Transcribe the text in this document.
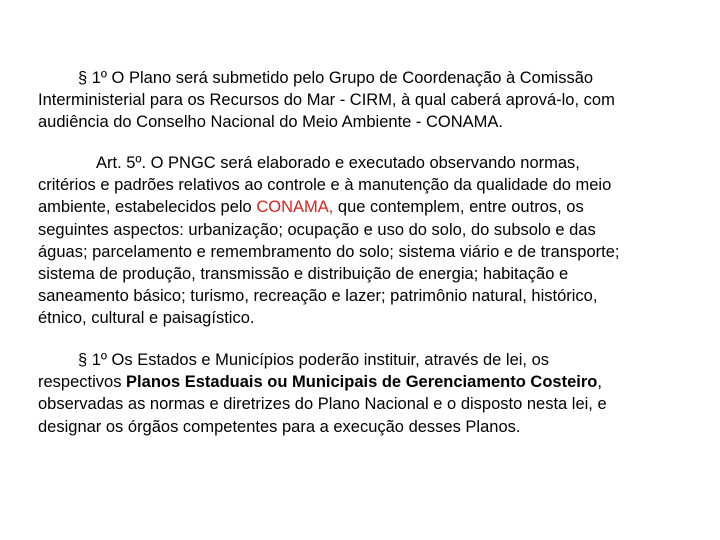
§ 1º O Plano será submetido pelo Grupo de Coordenação à Comissão
Interministerial para os Recursos do Mar - CIRM, à qual caberá aprová-lo, com
audiência do Conselho Nacional do Meio Ambiente - CONAMA.

Art. 5º. O PNGC será elaborado e executado observando normas,
critérios e padrões relativos ao controle e à manutenção da qualidade do meio
ambiente, estabelecidos pelo CONAMA, que contemplem, entre outros, os
seguintes aspectos: urbanização; ocupação e uso do solo, do subsolo e das
águas; parcelamento e remembramento do solo; sistema viário e de transporte;
sistema de produção, transmissão e distribuição de energia; habitação e
saneamento básico; turismo, recreação e lazer; patrimônio natural, histórico,
étnico, cultural e paisagístico.

§ 1º Os Estados e Municípios poderão instituir, através de lei, os
respectivos Planos Estaduais ou Municipais de Gerenciamento Costeiro,
observadas as normas e diretrizes do Plano Nacional e o disposto nesta lei, e
designar os órgãos competentes para a execução desses Planos.
